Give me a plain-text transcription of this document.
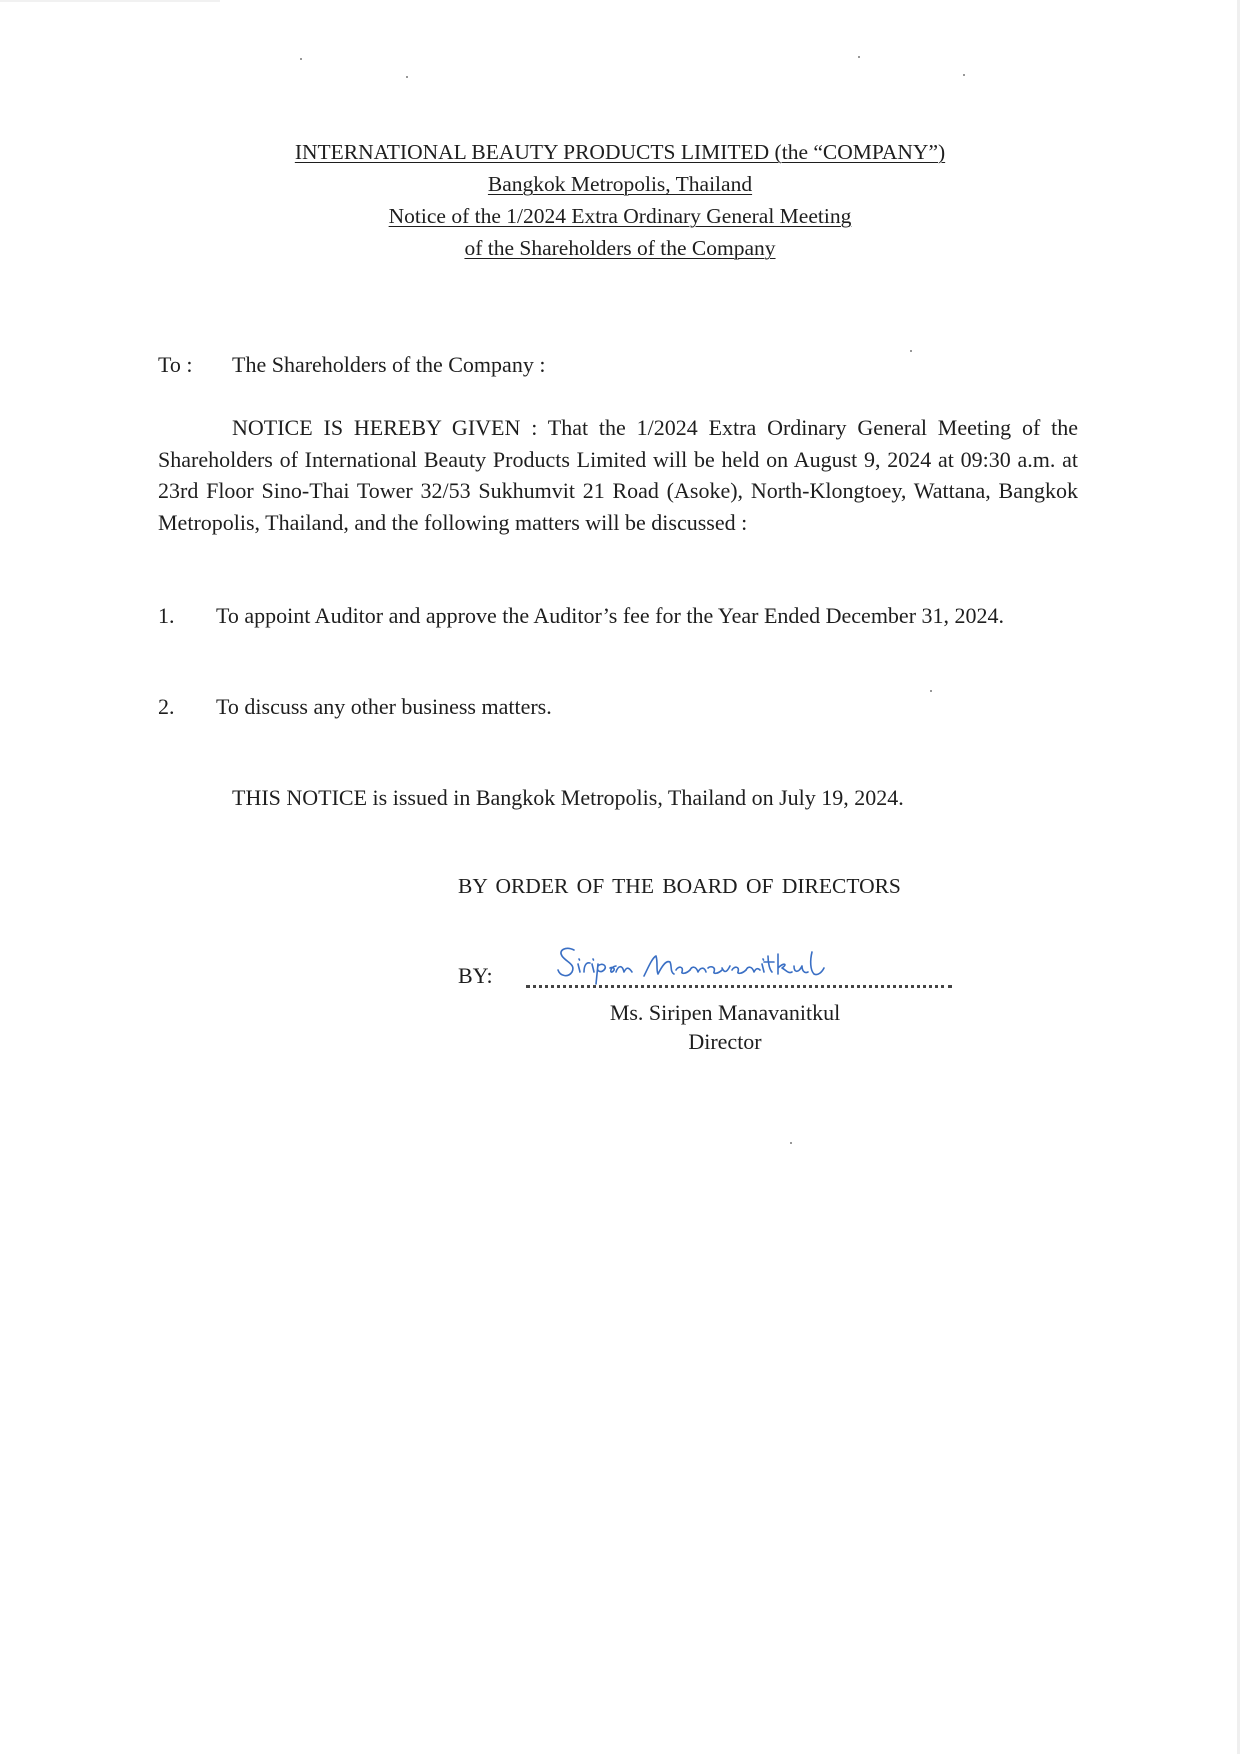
INTERNATIONAL BEAUTY PRODUCTS LIMITED (the “COMPANY”)
Bangkok Metropolis, Thailand
Notice of the 1/2024 Extra Ordinary General Meeting
of the Shareholders of the Company
To : The Shareholders of the Company :
NOTICE IS HEREBY GIVEN : That the 1/2024 Extra Ordinary General Meeting of the Shareholders of International Beauty Products Limited will be held on August 9, 2024 at 09:30 a.m. at 23rd Floor Sino-Thai Tower 32/53 Sukhumvit 21 Road (Asoke), North-Klongtoey, Wattana, Bangkok Metropolis, Thailand, and the following matters will be discussed :
1.	To appoint Auditor and approve the Auditor’s fee for the Year Ended December 31, 2024.
2.	To discuss any other business matters.
THIS NOTICE is issued in Bangkok Metropolis, Thailand on July 19, 2024.
BY ORDER OF THE BOARD OF DIRECTORS
BY:
Ms. Siripen Manavanitkul
Director
